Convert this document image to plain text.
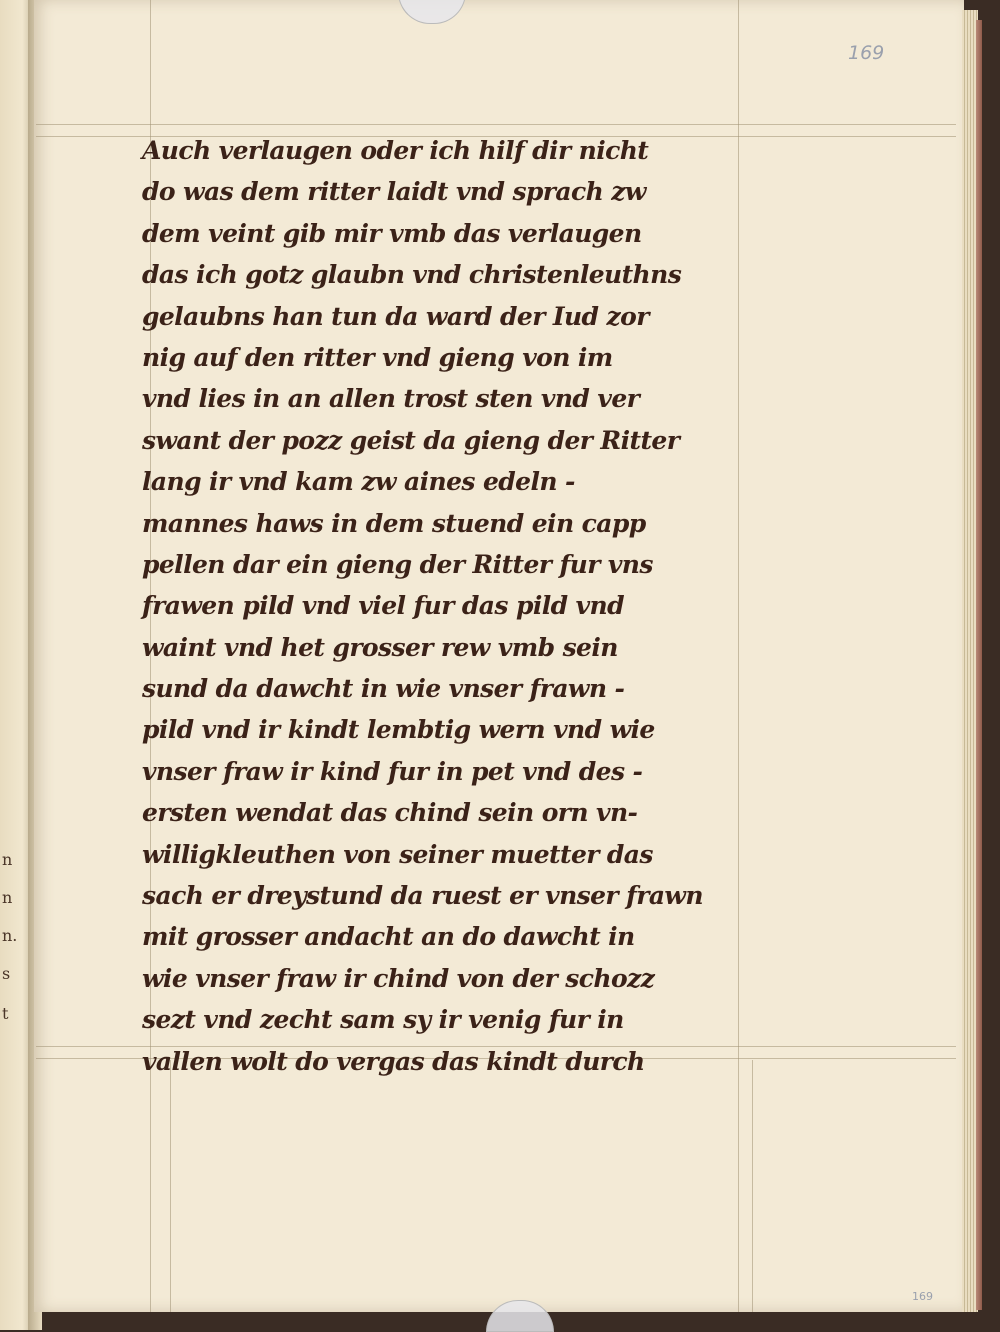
n
n
n.
s
t
169
169
Auch verlaugen oder ich hilf dir nicht
do was dem ritter laidt vnd sprach zw
dem veint gib mir vmb das verlaugen
das ich gotz glaubn vnd christenleuthns
gelaubns han tun da ward der Iud zor
nig auf den ritter vnd gieng von im
vnd lies in an allen trost sten vnd ver
swant der pozz geist da gieng der Ritter
lang ir vnd kam zw aines edeln -
mannes haws in dem stuend ein capp
pellen dar ein gieng der Ritter fur vns
frawen pild vnd viel fur das pild vnd
waint vnd het grosser rew vmb sein
sund da dawcht in wie vnser frawn -
pild vnd ir kindt lembtig wern vnd wie
vnser fraw ir kind fur in pet vnd des -
ersten wendat das chind sein orn vn-
willigkleuthen von seiner muetter das
sach er dreystund da ruest er vnser frawn
mit grosser andacht an do dawcht in
wie vnser fraw ir chind von der schozz
sezt vnd zecht sam sy ir venig fur in
vallen wolt do vergas das kindt durch
